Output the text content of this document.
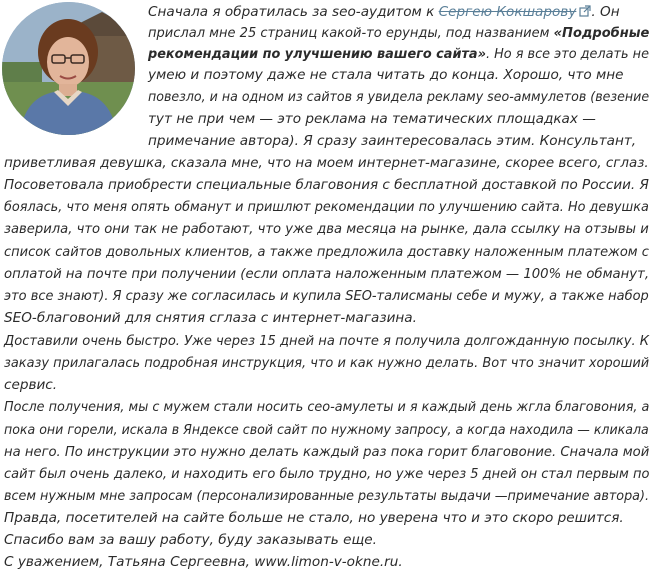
Сначала я обратилась за seo-аудитом к Сергею Кокшарову . Он
прислал мне 25 страниц какой-то ерунды, под названием «Подробные
рекомендации по улучшению вашего сайта». Но я все это делать не
умею и поэтому даже не стала читать до конца. Хорошо, что мне
повезло, и на одном из сайтов я увидела рекламу seo-аммулетов (везение
тут не при чем — это реклама на тематических площадках —
примечание автора). Я сразу заинтересовалась этим. Консультант,
приветливая девушка, сказала мне, что на моем интернет-магазине, скорее всего, сглаз.
Посоветовала приобрести специальные благовония с бесплатной доставкой по России. Я
боялась, что меня опять обманут и пришлют рекомендации по улучшению сайта. Но девушка
заверила, что они так не работают, что уже два месяца на рынке, дала ссылку на отзывы и
список сайтов довольных клиентов, а также предложила доставку наложенным платежом с
оплатой на почте при получении (если оплата наложенным платежом — 100% не обманут,
это все знают). Я сразу же согласилась и купила SEO-талисманы себе и мужу, а также набор
SEO-благовоний для снятия сглаза с интернет-магазина.
Доставили очень быстро. Уже через 15 дней на почте я получила долгожданную посылку. К
заказу прилагалась подробная инструкция, что и как нужно делать. Вот что значит хороший
сервис.
После получения, мы с мужем стали носить сео-амулеты и я каждый день жгла благовония, а
пока они горели, искала в Яндексе свой сайт по нужному запросу, а когда находила — кликала
на него. По инструкции это нужно делать каждый раз пока горит благовоние. Сначала мой
сайт был очень далеко, и находить его было трудно, но уже через 5 дней он стал первым по
всем нужным мне запросам (персонализированные результаты выдачи —примечание автора).
Правда, посетителей на сайте больше не стало, но уверена что и это скоро решится.
Спасибо вам за вашу работу, буду заказывать еще.
С уважением, Татьяна Сергеевна, www.limon-v-okne.ru.
